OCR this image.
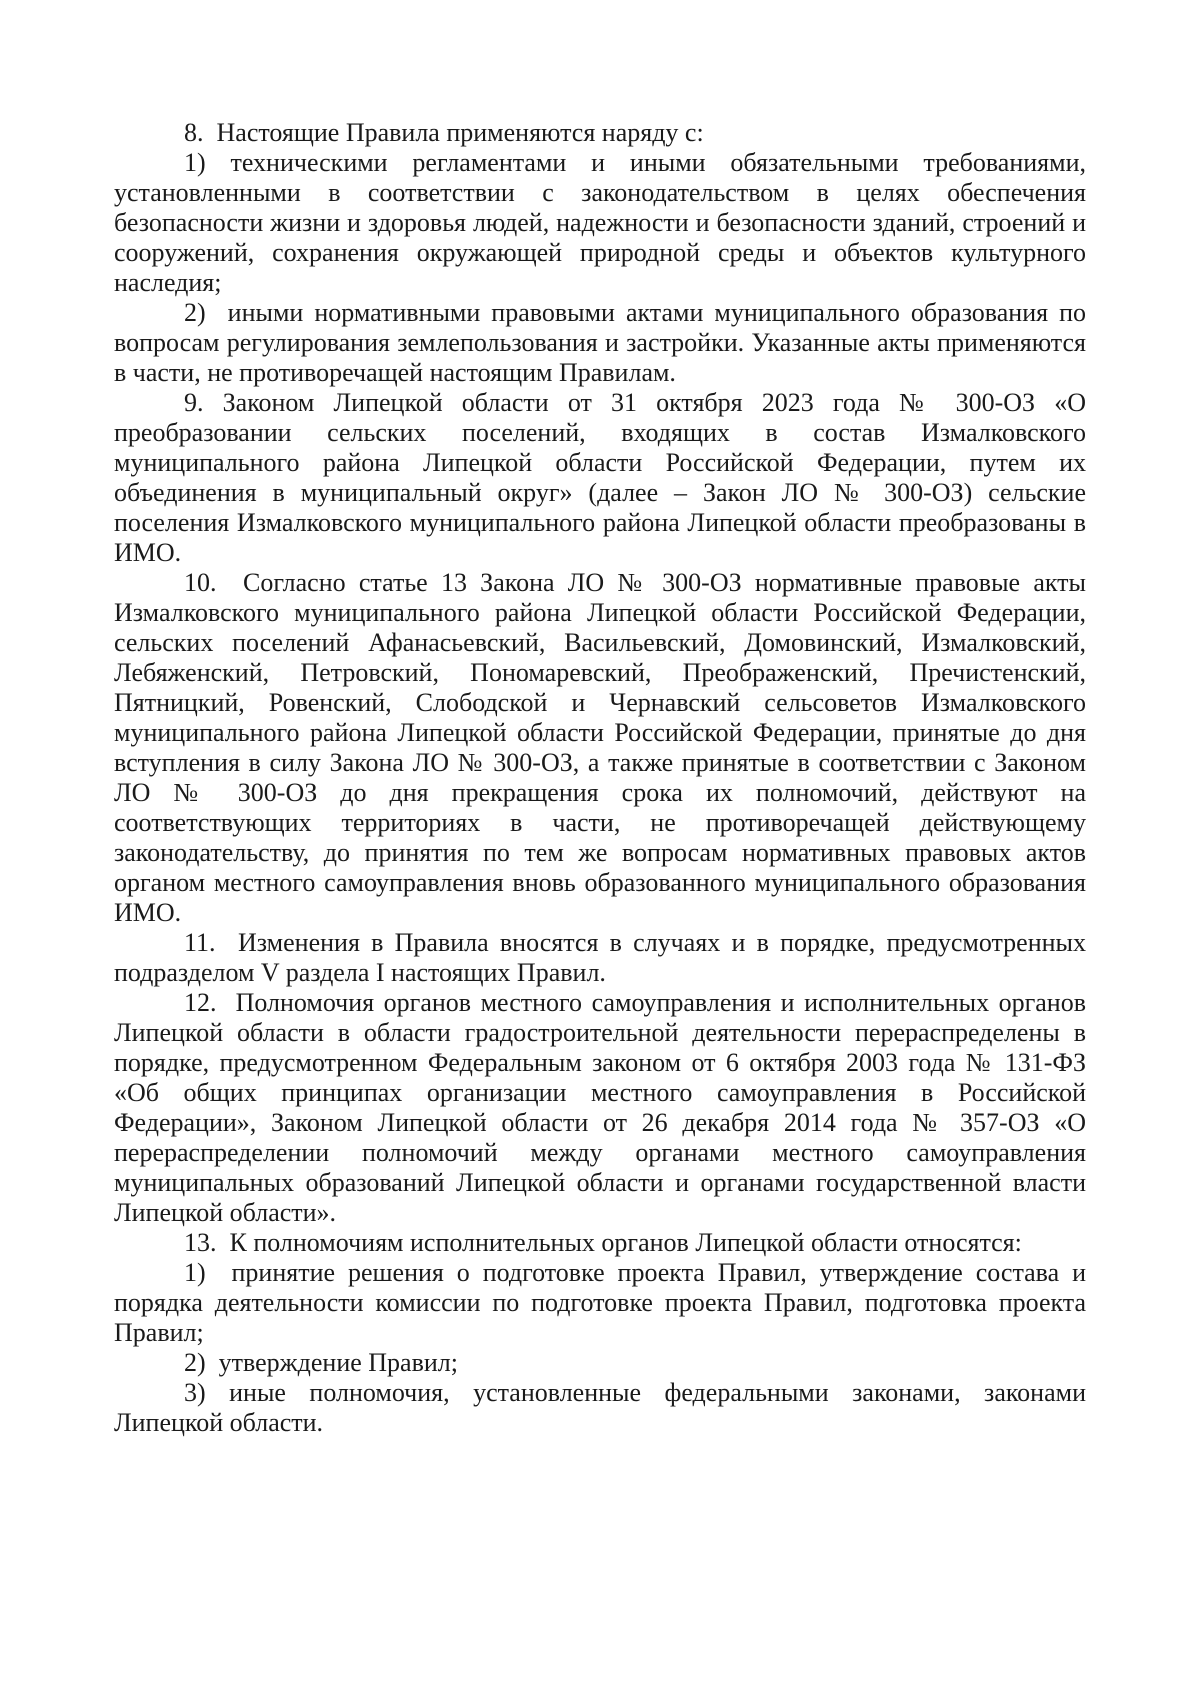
8.  Настоящие Правила применяются наряду с:

1) техническими регламентами и иными обязательными требованиями, установленными в соответствии с законодательством в целях обеспечения безопасности жизни и здоровья людей, надежности и безопасности зданий, строений и сооружений, сохранения окружающей природной среды и объектов культурного наследия;

2)  иными нормативными правовыми актами муниципального образования по вопросам регулирования землепользования и застройки. Указанные акты применяются в части, не противоречащей настоящим Правилам.

9. Законом Липецкой области от 31 октября 2023 года № 300-ОЗ «О преобразовании сельских поселений, входящих в состав Измалковского муниципального района Липецкой области Российской Федерации, путем их объединения в муниципальный округ» (далее – Закон ЛО № 300-ОЗ) сельские поселения Измалковского муниципального района Липецкой области преобразованы в ИМО.

10.  Согласно статье 13 Закона ЛО № 300-ОЗ нормативные правовые акты Измалковского муниципального района Липецкой области Российской Федерации, сельских поселений Афанасьевский, Васильевский, Домовинский, Измалковский, Лебяженский, Петровский, Пономаревский, Преображенский, Пречистенский, Пятницкий, Ровенский, Слободской и Чернавский сельсоветов Измалковского муниципального района Липецкой области Российской Федерации, принятые до дня вступления в силу Закона ЛО № 300-ОЗ, а также принятые в соответствии с Законом ЛО № 300-ОЗ до дня прекращения срока их полномочий, действуют на соответствующих территориях в части, не противоречащей действующему законодательству, до принятия по тем же вопросам нормативных правовых актов органом местного самоуправления вновь образованного муниципального образования ИМО.

11.  Изменения в Правила вносятся в случаях и в порядке, предусмотренных подразделом V раздела I настоящих Правил.

12.  Полномочия органов местного самоуправления и исполнительных органов Липецкой области в области градостроительной деятельности перераспределены в порядке, предусмотренном Федеральным законом от 6 октября 2003 года № 131-ФЗ «Об общих принципах организации местного самоуправления в Российской Федерации», Законом Липецкой области от 26 декабря 2014 года № 357-ОЗ «О перераспределении полномочий между органами местного самоуправления муниципальных образований Липецкой области и органами государственной власти Липецкой области».

13.  К полномочиям исполнительных органов Липецкой области относятся:

1)  принятие решения о подготовке проекта Правил, утверждение состава и порядка деятельности комиссии по подготовке проекта Правил, подготовка проекта Правил;

2)  утверждение Правил;

3) иные полномочия, установленные федеральными законами, законами Липецкой области.
